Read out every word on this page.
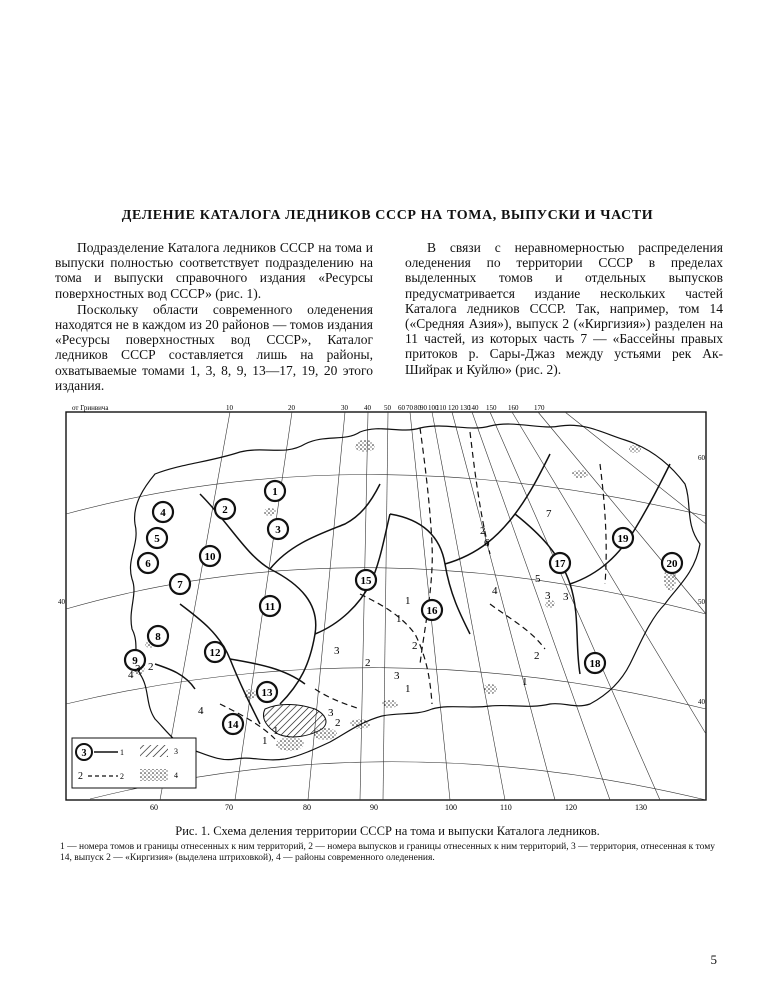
ДЕЛЕНИЕ КАТАЛОГА ЛЕДНИКОВ СССР НА ТОМА, ВЫПУСКИ И ЧАСТИ

Подразделение Каталога ледников СССР на тома и выпуски полностью соответствует подразделению на тома и выпуски справочного издания «Ресурсы поверхностных вод СССР» (рис. 1).

Поскольку области современного оледенения находятся не в каждом из 20 районов — томов издания «Ресурсы поверхностных вод СССР», Каталог ледников СССР составляется лишь на районы, охватываемые томами 1, 3, 8, 9, 13—17, 19, 20 этого издания.

В связи с неравномерностью распределения оледенения по территории СССР в пределах выделенных томов и отдельных выпусков предусматривается издание нескольких частей Каталога ледников СССР. Так, например, том 14 («Средняя Азия»), выпуск 2 («Киргизия») разделен на 11 частей, из которых часть 7 — «Бассейны правых притоков р. Сары-Джаз между устьями рек Ак-Шийрак и Куйлю» (рис. 2).

от Гринвича	10	20	30 40 50 60 70 80 90 100
110 120 130
140 150 160 170
60	70	80	90	100	110	120	130
40
60
50
40
1
2
3
4
5
6
7
8
9
10
11
12
13
14
15
16
17
18
19
20
1
2
3
4
5
6
7
1
2
3
1
2
3
4
1
2
3
1
2
3
4 3 2
1
3	1	3
2	2	4
Рис. 1. Схема деления территории СССР на тома и выпуски Каталога ледников.
1 — номера томов и границы отнесенных к ним территорий, 2 — номера выпусков и границы отнесенных к ним территорий, 3 — территория, отнесенная к тому 14, выпуск 2 — «Киргизия» (выделена штриховкой), 4 — районы современного оледенения.
5
